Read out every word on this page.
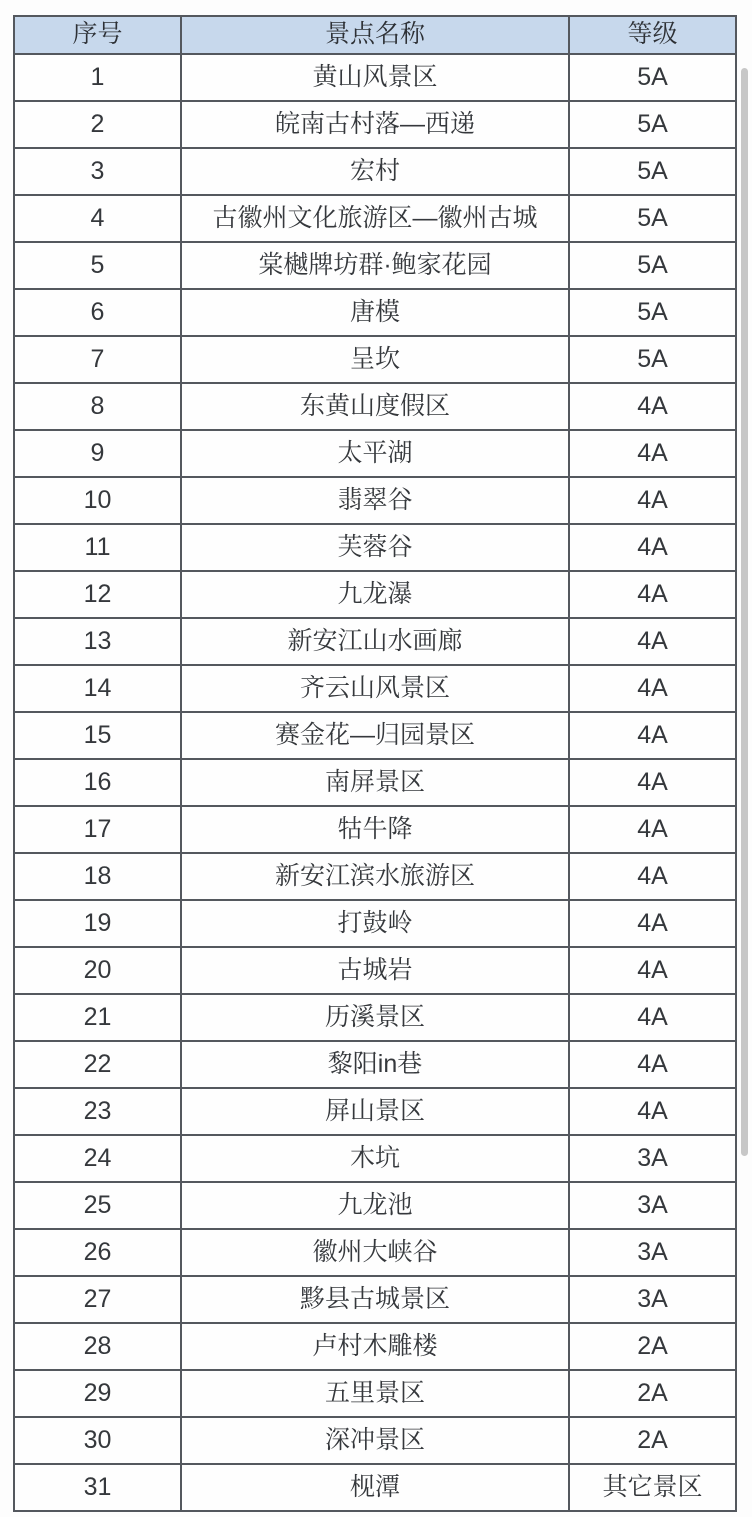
序号	景点名称	等级
1	黄山风景区	5A
2	皖南古村落—西递	5A
3	宏村	5A
4	古徽州文化旅游区—徽州古城	5A
5	棠樾牌坊群·鲍家花园	5A
6	唐模	5A
7	呈坎	5A
8	东黄山度假区	4A
9	太平湖	4A
10	翡翠谷	4A
11	芙蓉谷	4A
12	九龙瀑	4A
13	新安江山水画廊	4A
14	齐云山风景区	4A
15	赛金花—归园景区	4A
16	南屏景区	4A
17	牯牛降	4A
18	新安江滨水旅游区	4A
19	打鼓岭	4A
20	古城岩	4A
21	历溪景区	4A
22	黎阳in巷	4A
23	屏山景区	4A
24	木坑	3A
25	九龙池	3A
26	徽州大峡谷	3A
27	黟县古城景区	3A
28	卢村木雕楼	2A
29	五里景区	2A
30	深冲景区	2A
31	枧潭	其它景区
